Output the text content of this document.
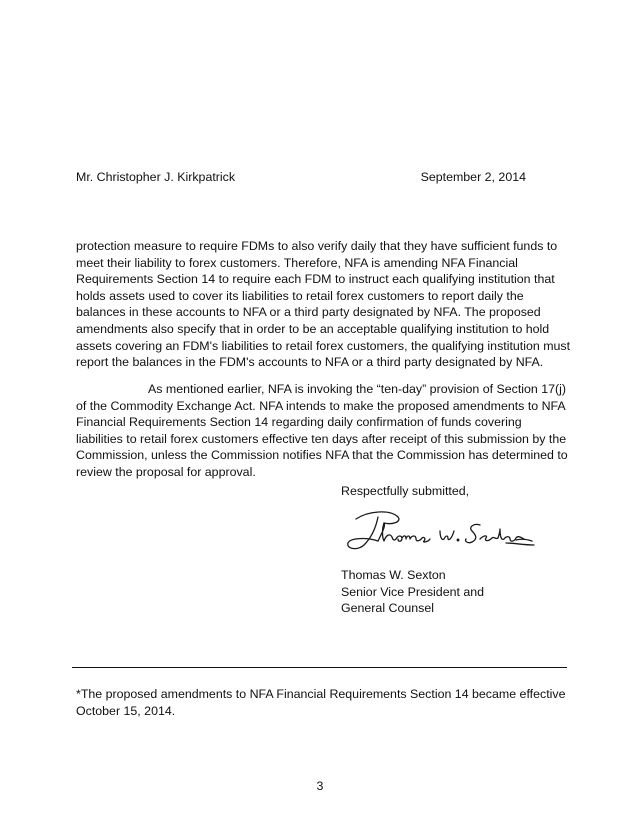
Mr. Christopher J. Kirkpatrick	September 2, 2014

protection measure to require FDMs to also verify daily that they have sufficient funds to meet their liability to forex customers. Therefore, NFA is amending NFA Financial Requirements Section 14 to require each FDM to instruct each qualifying institution that holds assets used to cover its liabilities to retail forex customers to report daily the balances in these accounts to NFA or a third party designated by NFA. The proposed amendments also specify that in order to be an acceptable qualifying institution to hold assets covering an FDM's liabilities to retail forex customers, the qualifying institution must report the balances in the FDM's accounts to NFA or a third party designated by NFA.

As mentioned earlier, NFA is invoking the “ten-day” provision of Section 17(j) of the Commodity Exchange Act. NFA intends to make the proposed amendments to NFA Financial Requirements Section 14 regarding daily confirmation of funds covering liabilities to retail forex customers effective ten days after receipt of this submission by the Commission, unless the Commission notifies NFA that the Commission has determined to review the proposal for approval.

Respectfully submitted,
Thomas W. Sexton
Senior Vice President and
General Counsel

*The proposed amendments to NFA Financial Requirements Section 14 became effective October 15, 2014.

3
